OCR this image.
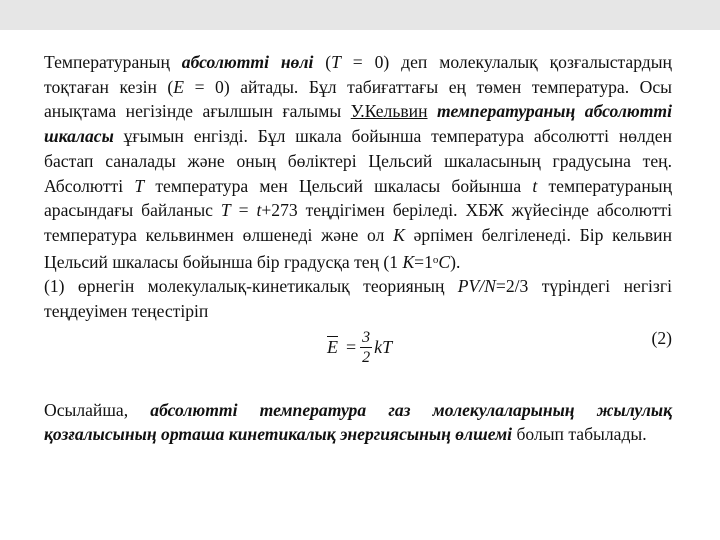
Температураның абсолютті нөлі (Т = 0) деп молекулалық қозғалыстардың тоқтаған кезін (Е = 0) айтады. Бұл табиғаттағы ең төмен температура. Осы анықтама негізінде ағылшын ғалымы У.Кельвин температураның абсолютті шкаласы ұғымын енгізді. Бұл шкала бойынша температура абсолютті нөлден бастап саналады және оның бөліктері Цельсий шкаласының градусына тең. Абсолютті Т температура мен Цельсий шкаласы бойынша t температураның арасындағы байланыс Т = t+273 теңдігімен беріледі. ХБЖ жүйесінде абсолютті температура кельвинмен өлшенеді және ол К әрпімен белгіленеді. Бір кельвин Цельсий шкаласы бойынша бір градусқа тең (1 $К=1^оС$).

(1) өрнегін молекулалық-кинетикалық теорияның PV/N=2/3 түріндегі негізгі теңдеуімен теңестіріп

$\overline{E} = \frac{3}{2}$ kT	(2)

Осылайша, абсолютті температура газ молекулаларының жылулық қозғалысының орташа кинетикалық энергиясының өлшемі болып табылады.
